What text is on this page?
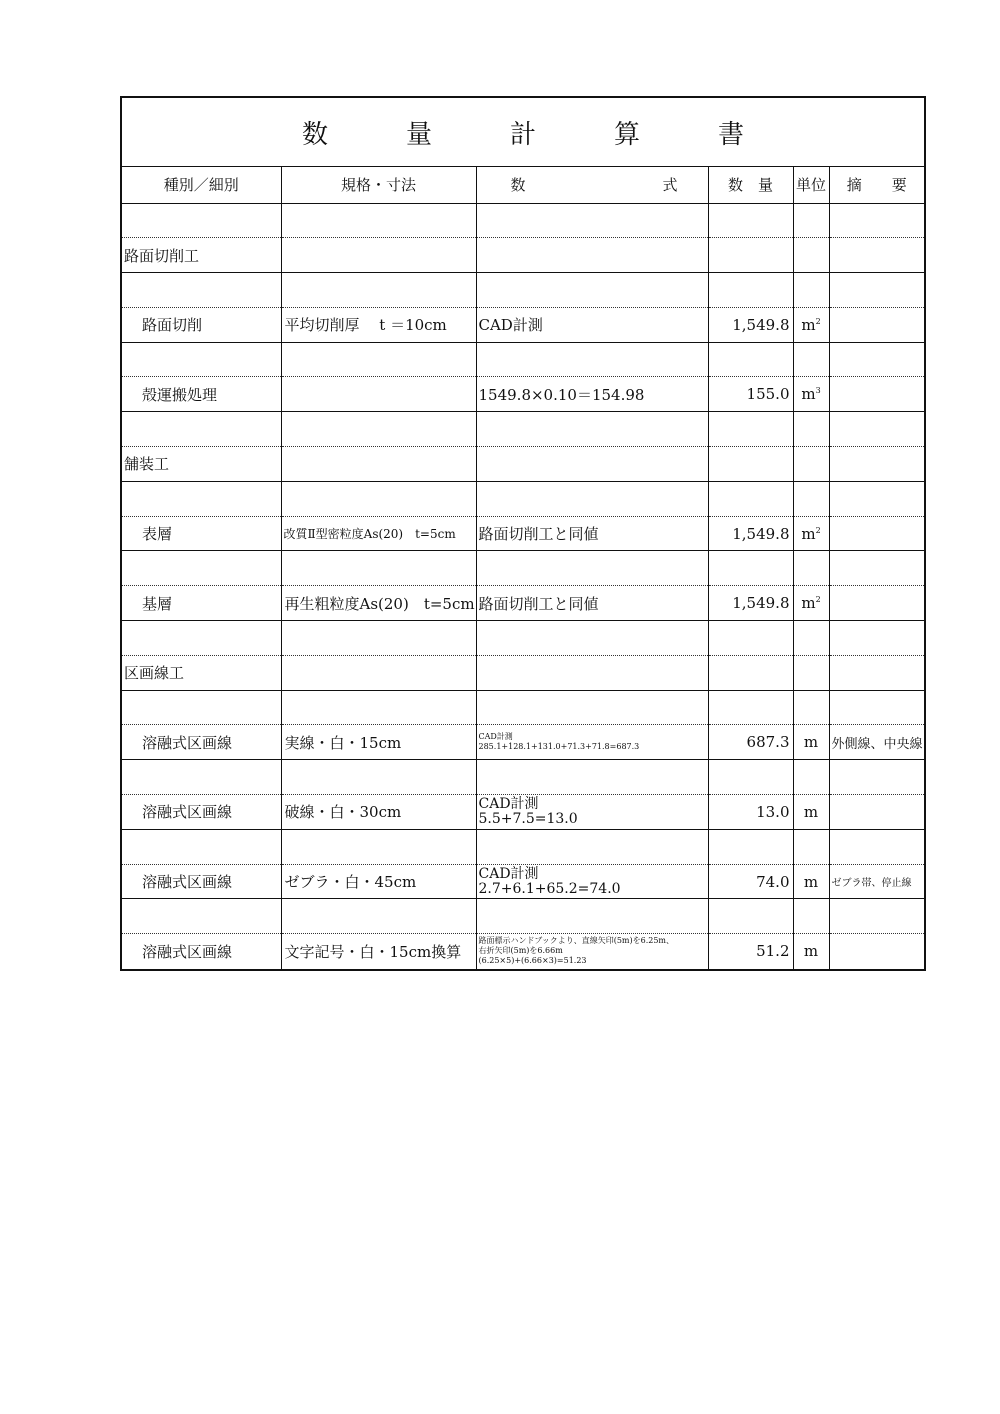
数　量　計　算　書
種別／細別	規格・寸法	数 式	数　量	単位	摘　　要

路面切削工					

路面切削	平均切削厚　 t ＝10cm	CAD計測	1,549.8	$m^2$	

殻運搬処理		1549.8×0.10＝154.98	155.0	$m^3$	

舗装工					

表層	改質Ⅱ型密粒度As(20)　t=5cm	路面切削工と同値	1,549.8	$m^2$	

基層	再生粗粒度As(20)　t=5cm	路面切削工と同値	1,549.8	$m^2$	

区画線工					

溶融式区画線	実線・白・15cm	CAD計測
285.1+128.1+131.0+71.3+71.8=687.3	687.3	m	外側線、中央線

溶融式区画線	破線・白・30cm	CAD計測
5.5+7.5=13.0	13.0	m	

溶融式区画線	ゼブラ・白・45cm	CAD計測
2.7+6.1+65.2=74.0	74.0	m	ゼブラ帯、停止線

溶融式区画線	文字記号・白・15cm換算	路面標示ハンドブックより、直線矢印(5m)を6.25m、
右折矢印(5m)を6.66m
(6.25×5)+(6.66×3)=51.23	51.2	m	
